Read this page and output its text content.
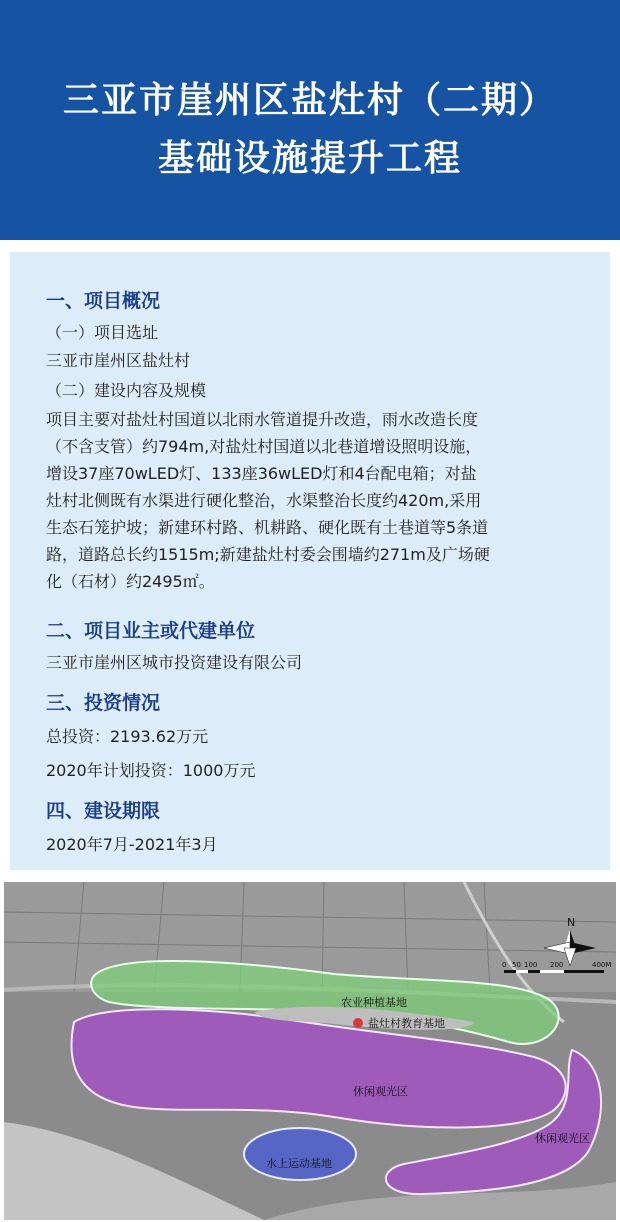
三亚市崖州区盐灶村（二期）
基础设施提升工程
一、项目概况
（一）项目选址
三亚市崖州区盐灶村
（二）建设内容及规模
项目主要对盐灶村国道以北雨水管道提升改造，雨水改造长度
（不含支管）约794m,对盐灶村国道以北巷道增设照明设施，
增设37座70wLED灯、133座36wLED灯和4台配电箱；对盐
灶村北侧既有水渠进行硬化整治，水渠整治长度约420m,采用
生态石笼护坡；新建环村路、机耕路、硬化既有土巷道等5条道
路，道路总长约1515m;新建盐灶村委会围墙约271m及广场硬
化（石材）约2495㎡。
二、项目业主或代建单位
三亚市崖州区城市投资建设有限公司
三、投资情况
总投资：2193.62万元
2020年计划投资：1000万元
四、建设期限
2020年7月-2021年3月
农业种植基地
盐灶村教育基地
休闲观光区
休闲观光区
水上运动基地
N
0 50 100 200	400M
